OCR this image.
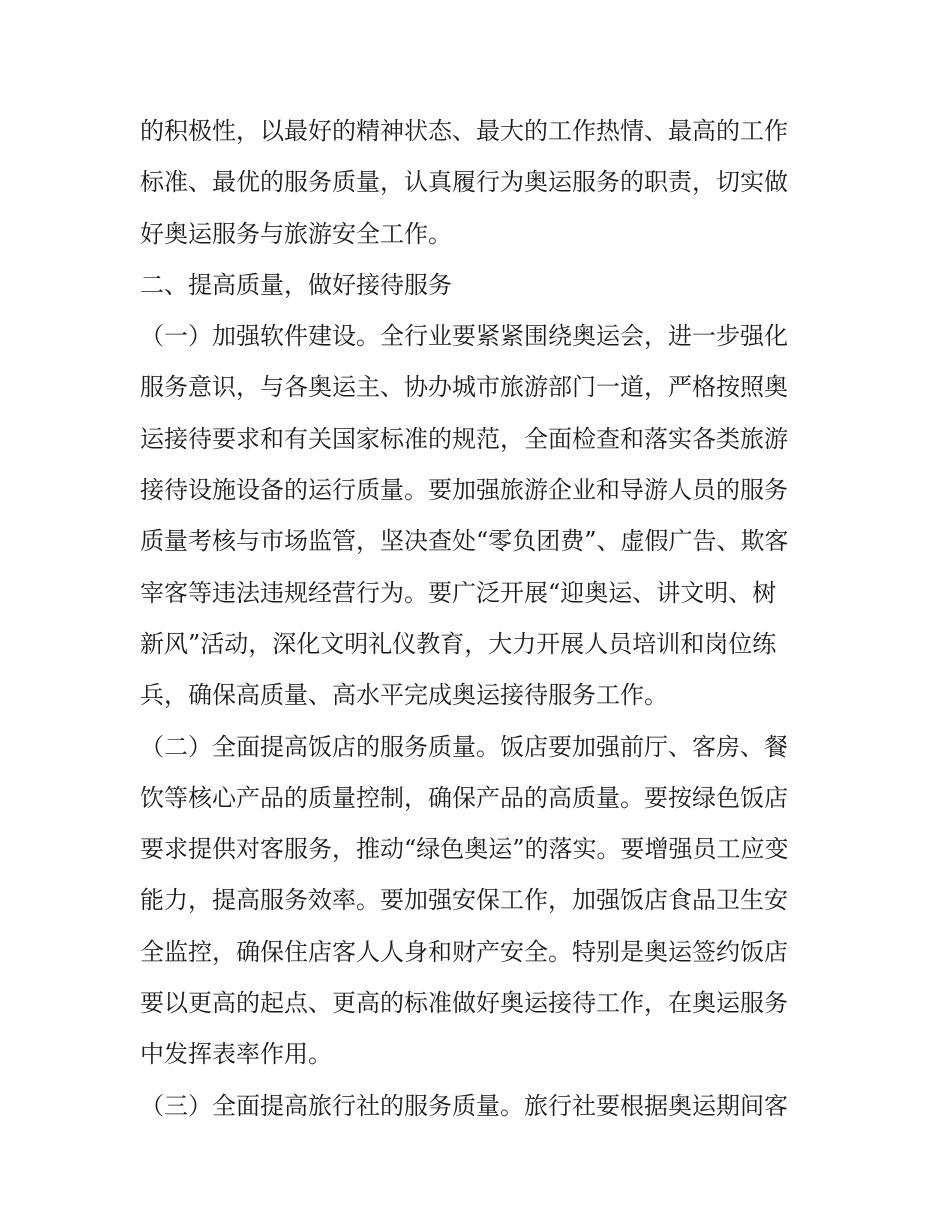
的积极性，以最好的精神状态、最大的工作热情、最高的工作
标准、最优的服务质量，认真履行为奥运服务的职责，切实做
好奥运服务与旅游安全工作。
二、提高质量，做好接待服务
（一）加强软件建设。全行业要紧紧围绕奥运会，进一步强化
服务意识，与各奥运主、协办城市旅游部门一道，严格按照奥
运接待要求和有关国家标准的规范，全面检查和落实各类旅游
接待设施设备的运行质量。要加强旅游企业和导游人员的服务
质量考核与市场监管，坚决查处“零负团费”、虚假广告、欺客
宰客等违法违规经营行为。要广泛开展“迎奥运、讲文明、树
新风”活动，深化文明礼仪教育，大力开展人员培训和岗位练
兵，确保高质量、高水平完成奥运接待服务工作。
（二）全面提高饭店的服务质量。饭店要加强前厅、客房、餐
饮等核心产品的质量控制，确保产品的高质量。要按绿色饭店
要求提供对客服务，推动“绿色奥运”的落实。要增强员工应变
能力，提高服务效率。要加强安保工作，加强饭店食品卫生安
全监控，确保住店客人人身和财产安全。特别是奥运签约饭店
要以更高的起点、更高的标准做好奥运接待工作，在奥运服务
中发挥表率作用。
（三）全面提高旅行社的服务质量。旅行社要根据奥运期间客
